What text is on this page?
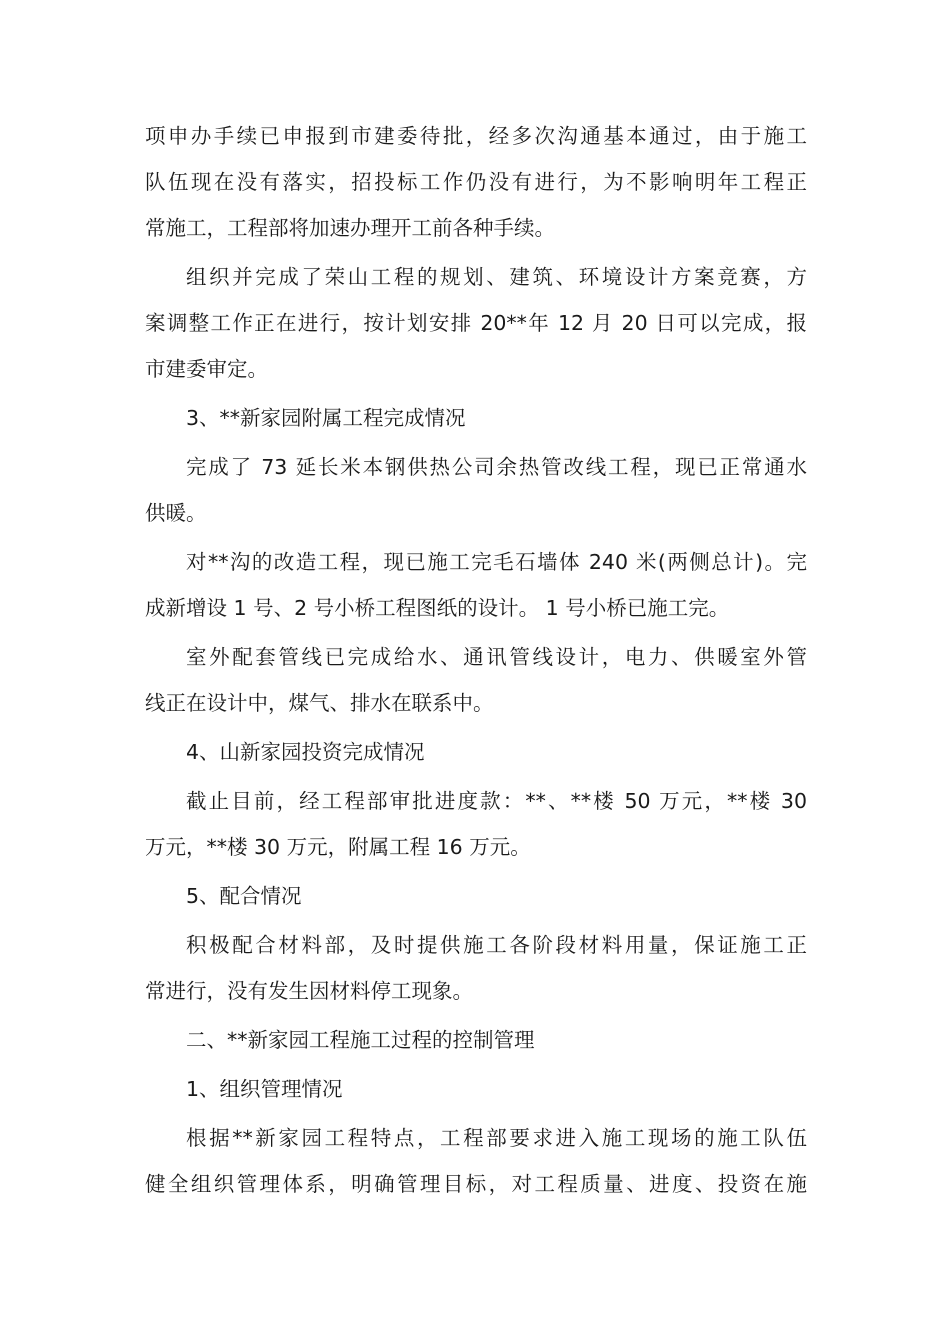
项申办手续已申报到市建委待批，经多次沟通基本通过，由于施工
队伍现在没有落实，招投标工作仍没有进行，为不影响明年工程正
常施工，工程部将加速办理开工前各种手续。
组织并完成了荣山工程的规划、建筑、环境设计方案竞赛，方
案调整工作正在进行，按计划安排 20**年 12 月 20 日可以完成，报
市建委审定。
3、**新家园附属工程完成情况
完成了 73 延长米本钢供热公司余热管改线工程，现已正常通水
供暖。
对**沟的改造工程，现已施工完毛石墙体 240 米(两侧总计)。完
成新增设 1 号、2 号小桥工程图纸的设计。 1 号小桥已施工完。
室外配套管线已完成给水、通讯管线设计，电力、供暖室外管
线正在设计中，煤气、排水在联系中。
4、山新家园投资完成情况
截止目前，经工程部审批进度款：**、**楼 50 万元，**楼 30
万元，**楼 30 万元，附属工程 16 万元。
5、配合情况
积极配合材料部，及时提供施工各阶段材料用量，保证施工正
常进行，没有发生因材料停工现象。
二、**新家园工程施工过程的控制管理
1、组织管理情况
根据**新家园工程特点，工程部要求进入施工现场的施工队伍
健全组织管理体系，明确管理目标，对工程质量、进度、投资在施
